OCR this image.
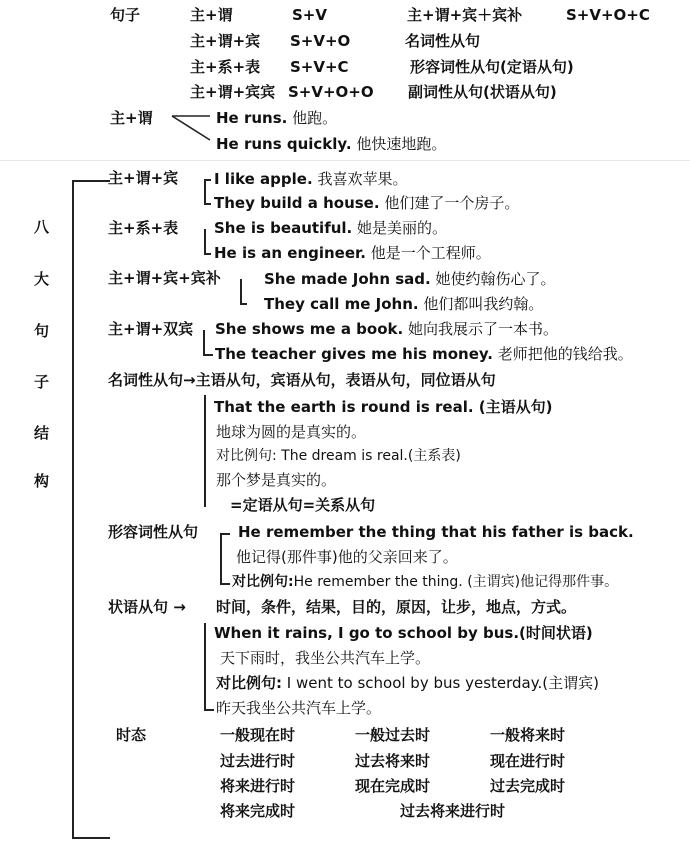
句子	主+谓	S+V	主+谓+宾＋宾补	S+V+O+C
主+谓+宾 S+V+O	名词性从句
主+系+表 S+V+C	形容词性从句(定语从句)
主+谓+宾宾 S+V+O+O 副词性从句(状语从句)
主+谓	He runs. 他跑。
He runs quickly. 他快速地跑。
八
大
句
子
结
构
主+谓+宾 I like apple. 我喜欢苹果。
They build a house. 他们建了一个房子。
主+系+表 She is beautiful. 她是美丽的。
He is an engineer. 他是一个工程师。
主+谓+宾+宾补	She made John sad. 她使约翰伤心了。
They call me John. 他们都叫我约翰。
主+谓+双宾 She shows me a book. 她向我展示了一本书。
The teacher gives me his money. 老师把他的钱给我。
名词性从句→主语从句，宾语从句，表语从句，同位语从句
That the earth is round is real. (主语从句)
地球为圆的是真实的。
对比例句: The dream is real.(主系表)
那个梦是真实的。
=定语从句=关系从句
形容词性从句	He remember the thing that his father is back.
他记得(那件事)他的父亲回来了。
对比例句:He remember the thing. (主谓宾)他记得那件事。
状语从句 → 时间，条件，结果，目的，原因，让步，地点，方式。
When it rains, I go to school by bus.(时间状语)
天下雨时，我坐公共汽车上学。
对比例句: I went to school by bus yesterday.(主谓宾)
昨天我坐公共汽车上学。
时态	一般现在时	一般过去时	一般将来时
过去进行时	过去将来时	现在进行时
将来进行时	现在完成时	过去完成时
将来完成时	过去将来进行时
